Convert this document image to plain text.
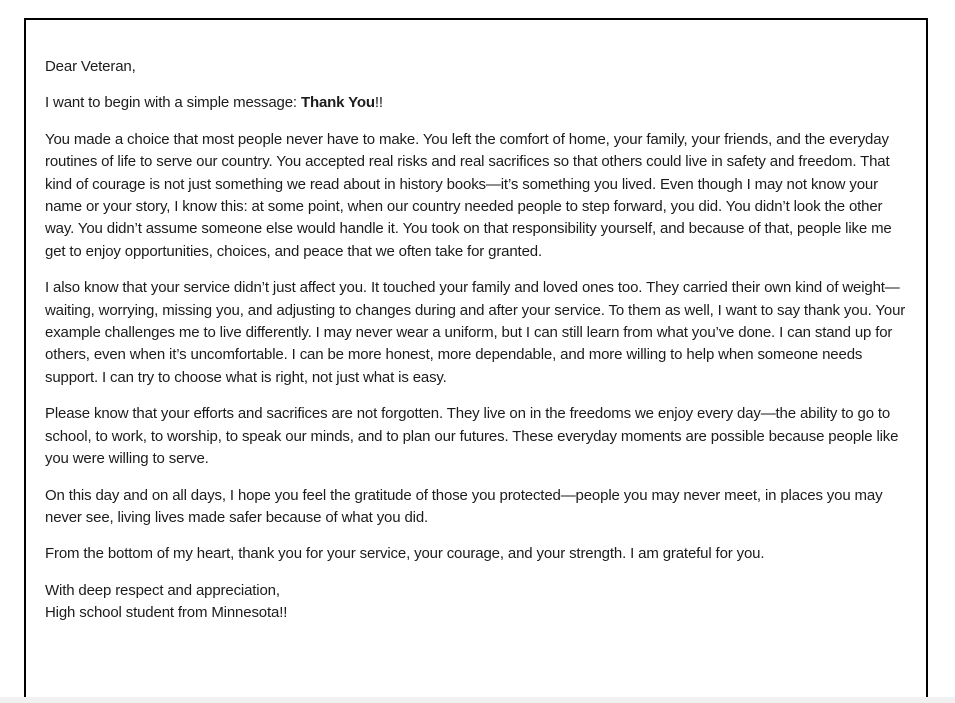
Dear Veteran,

I want to begin with a simple message: Thank You!!

You made a choice that most people never have to make. You left the comfort of home, your family, your friends, and the everyday routines of life to serve our country. You accepted real risks and real sacrifices so that others could live in safety and freedom. That kind of courage is not just something we read about in history books—it’s something you lived. Even though I may not know your name or your story, I know this: at some point, when our country needed people to step forward, you did. You didn’t look the other way. You didn’t assume someone else would handle it. You took on that responsibility yourself, and because of that, people like me get to enjoy opportunities, choices, and peace that we often take for granted.

I also know that your service didn’t just affect you. It touched your family and loved ones too. They carried their own kind of weight—waiting, worrying, missing you, and adjusting to changes during and after your service. To them as well, I want to say thank you. Your example challenges me to live differently. I may never wear a uniform, but I can still learn from what you’ve done. I can stand up for others, even when it’s uncomfortable. I can be more honest, more dependable, and more willing to help when someone needs support. I can try to choose what is right, not just what is easy.

Please know that your efforts and sacrifices are not forgotten. They live on in the freedoms we enjoy every day—the ability to go to school, to work, to worship, to speak our minds, and to plan our futures. These everyday moments are possible because people like you were willing to serve.

On this day and on all days, I hope you feel the gratitude of those you protected—people you may never meet, in places you may never see, living lives made safer because of what you did.

From the bottom of my heart, thank you for your service, your courage, and your strength. I am grateful for you.

With deep respect and appreciation,
High school student from Minnesota!!
